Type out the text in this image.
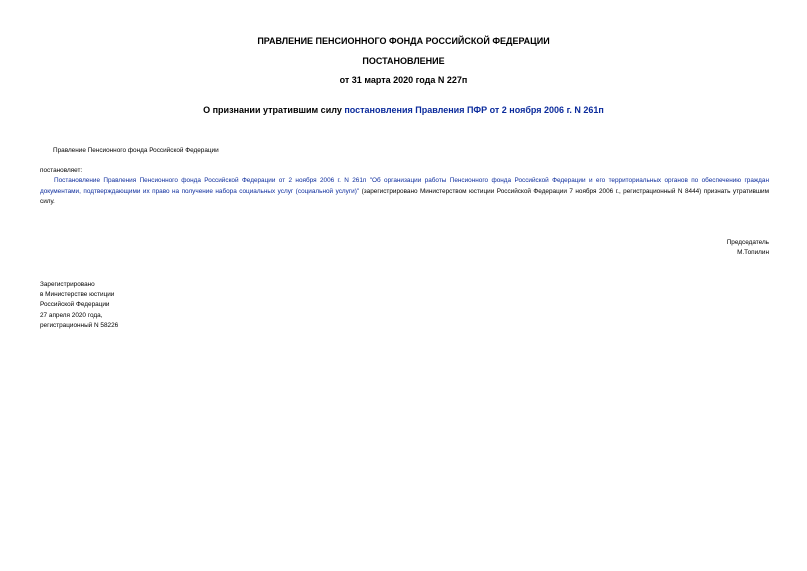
ПРАВЛЕНИЕ ПЕНСИОННОГО ФОНДА РОССИЙСКОЙ ФЕДЕРАЦИИ
ПОСТАНОВЛЕНИЕ
от 31 марта 2020 года N 227п
О признании утратившим силу постановления Правления ПФР от 2 ноября 2006 г. N 261п
Правление Пенсионного фонда Российской Федерации
постановляет:
Постановление Правления Пенсионного фонда Российской Федерации от 2 ноября 2006 г. N 261п "Об организации работы Пенсионного фонда Российской Федерации и его территориальных органов по обеспечению граждан документами, подтверждающими их право на получение набора социальных услуг (социальной услуги)" (зарегистрировано Министерством юстиции Российской Федерации 7 ноября 2006 г., регистрационный N 8444) признать утратившим силу.
Председатель
М.Топилин
Зарегистрировано
в Министерстве юстиции
Российской Федерации
27 апреля 2020 года,
регистрационный N 58226
